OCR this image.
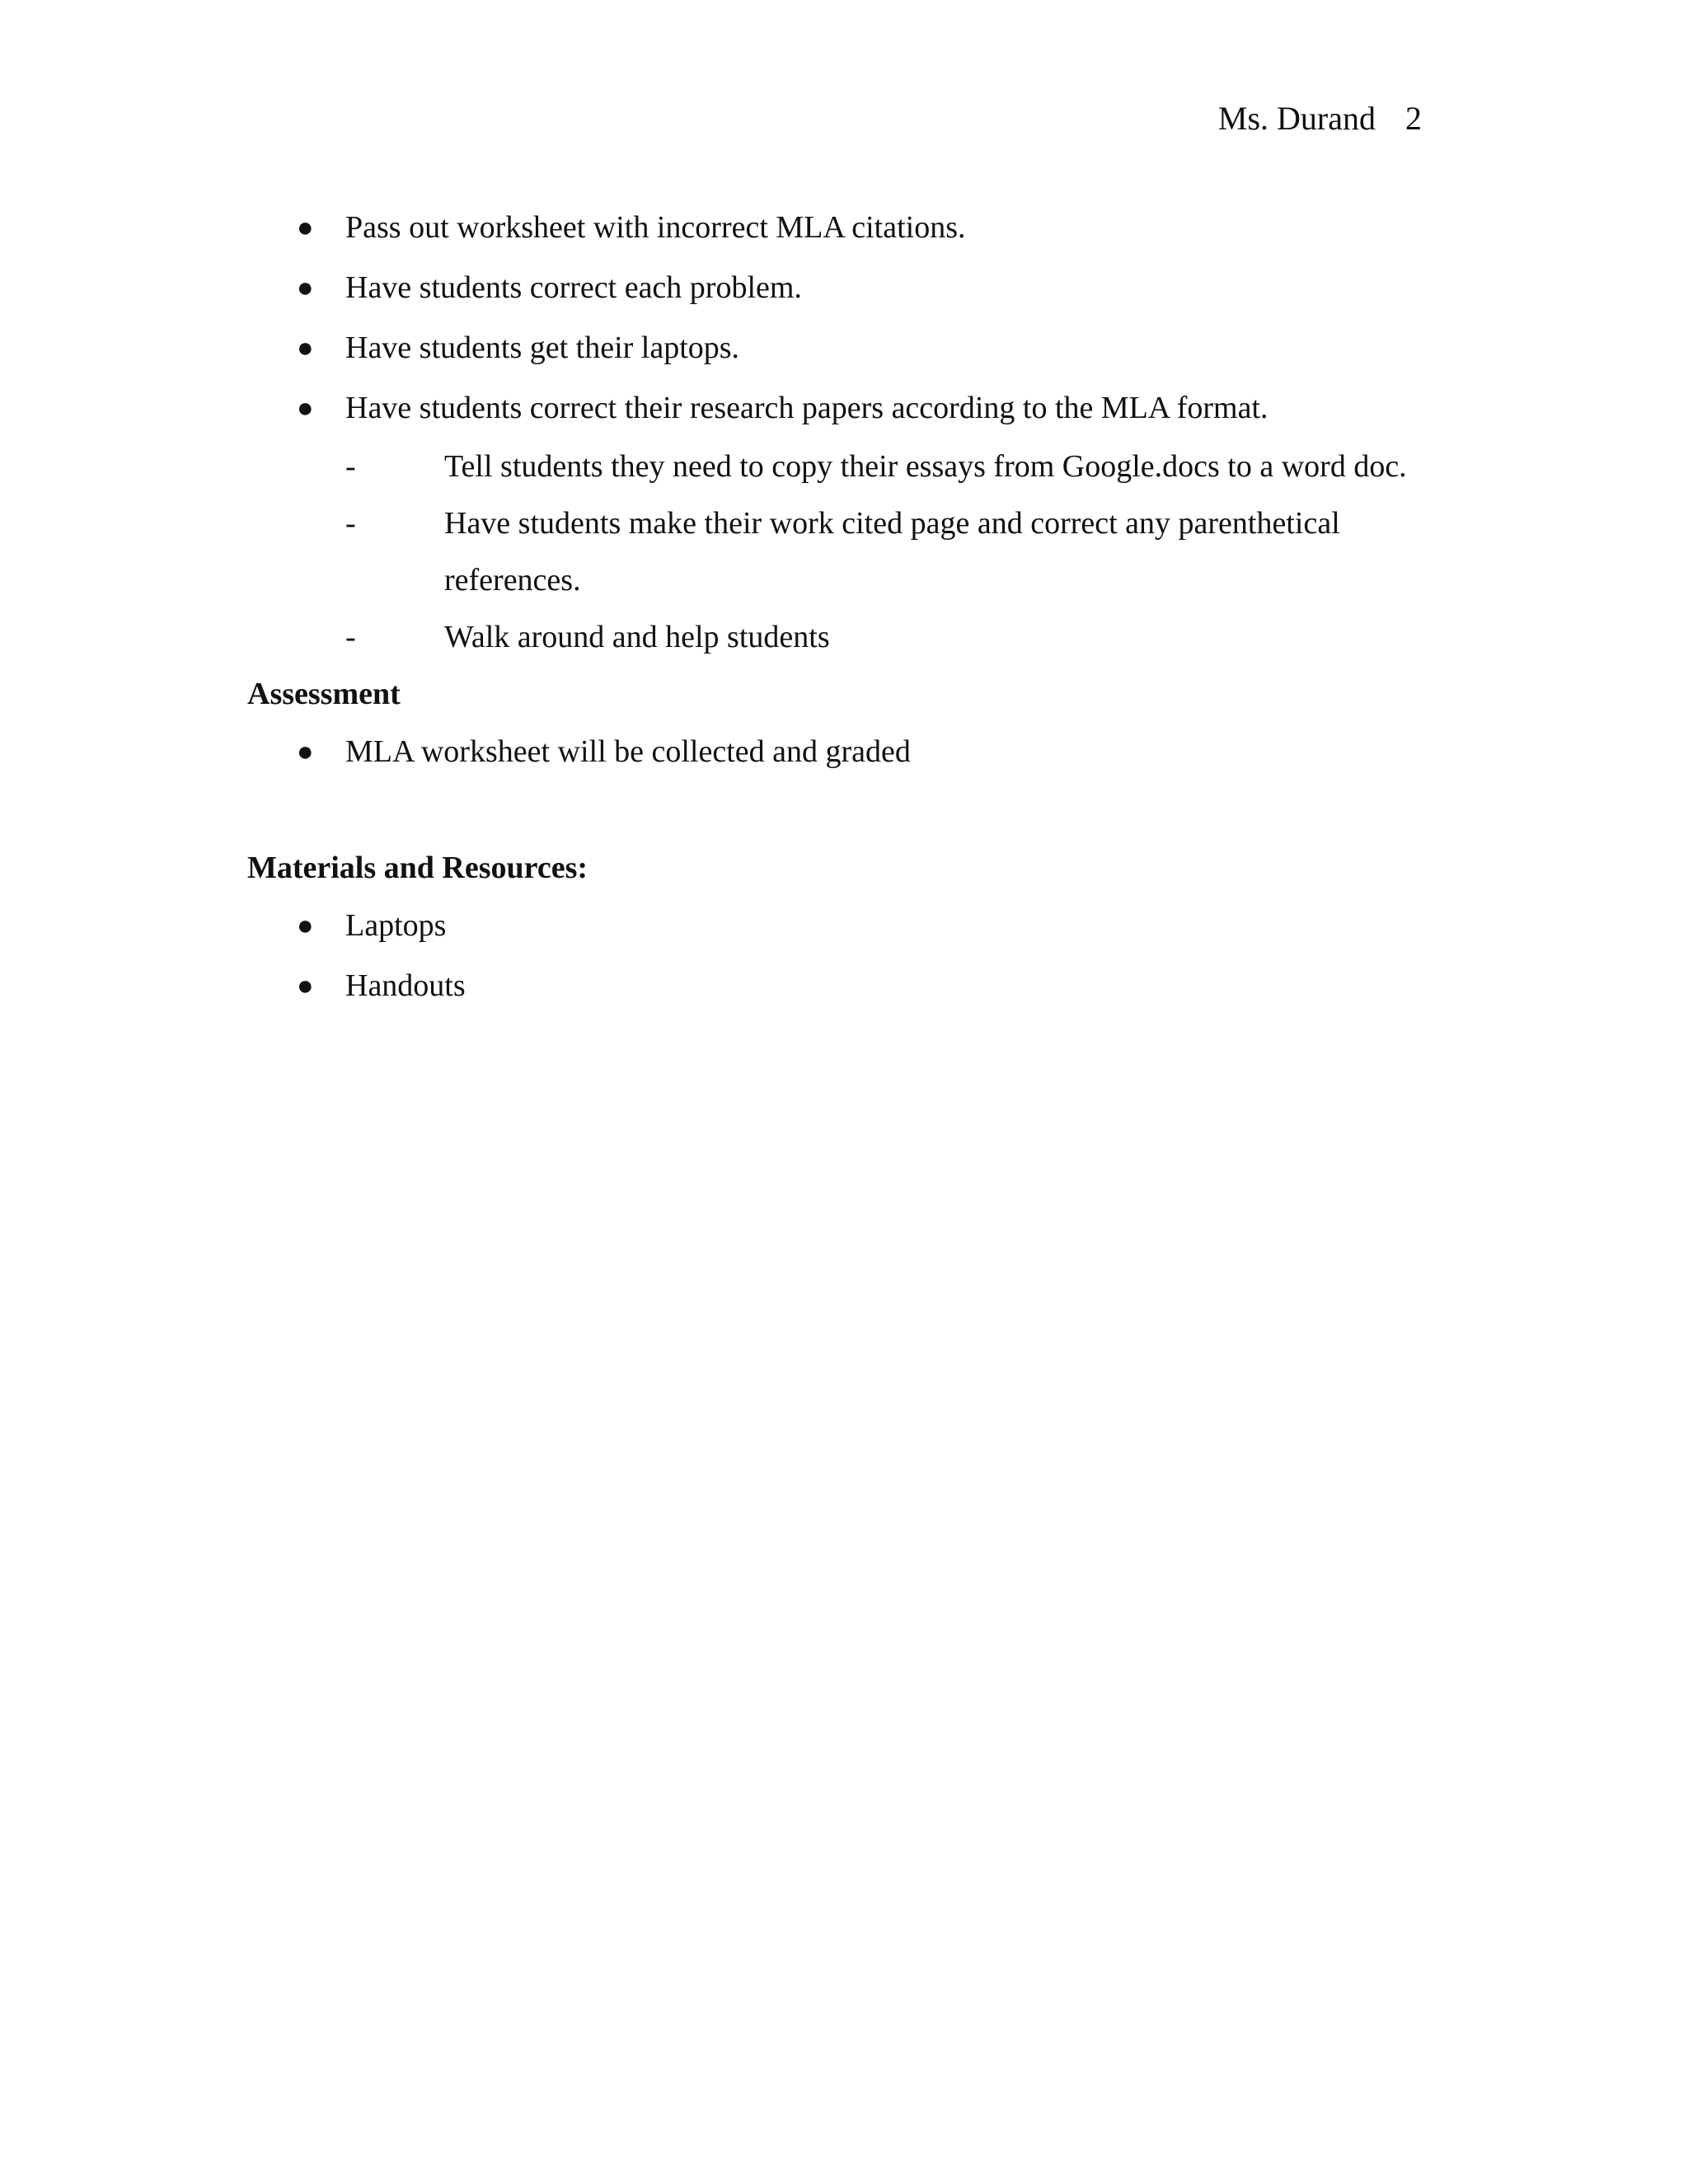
Ms. Durand 2
● Pass out worksheet with incorrect MLA citations.
● Have students correct each problem.
● Have students get their laptops.
● Have students correct their research papers according to the MLA format.
-	Tell students they need to copy their essays from Google.docs to a word doc.
-	Have students make their work cited page and correct any parenthetical references.
-	Walk around and help students
Assessment
● MLA worksheet will be collected and graded
Materials and Resources:
● Laptops
● Handouts
